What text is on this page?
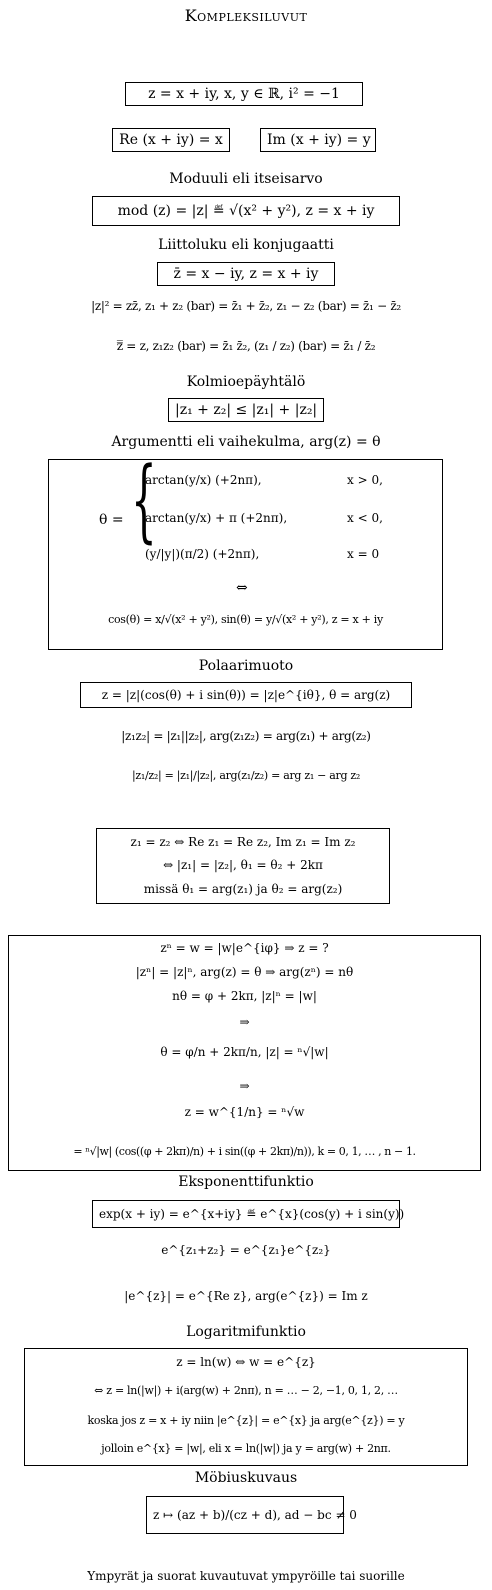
Kompleksiluvut
z = x + iy, x, y ∈ ℝ, i² = −1
Re (x + iy) = x	Im (x + iy) = y
Moduuli eli itseisarvo
mod (z) = |z| ≝ √(x² + y²), z = x + iy
Liittoluku eli konjugaatti
z̄ = x − iy, z = x + iy
|z|² = zz̄, z₁ + z₂ (bar) = z̄₁ + z̄₂, z₁ − z₂ (bar) = z̄₁ − z̄₂
z̿ = z, z₁z₂ (bar) = z̄₁ z̄₂, (z₁ / z₂) (bar) = z̄₁ / z̄₂
Kolmioepäyhtälö
|z₁ + z₂| ≤ |z₁| + |z₂|
Argumentti eli vaihekulma, arg(z) = θ
θ = {
arctan(y/x) (+2nπ),	x > 0,
arctan(y/x) + π (+2nπ),	x < 0,
(y/|y|)(π/2) (+2nπ),	x = 0
⇔
cos(θ) = x/√(x² + y²), sin(θ) = y/√(x² + y²), z = x + iy
Polaarimuoto
z = |z|(cos(θ) + i sin(θ)) = |z|e^{iθ}, θ = arg(z)
|z₁z₂| = |z₁||z₂|, arg(z₁z₂) = arg(z₁) + arg(z₂)
|z₁/z₂| = |z₁|/|z₂|, arg(z₁/z₂) = arg z₁ − arg z₂
z₁ = z₂ ⇔ Re z₁ = Re z₂, Im z₁ = Im z₂
⇔ |z₁| = |z₂|, θ₁ = θ₂ + 2kπ
missä θ₁ = arg(z₁) ja θ₂ = arg(z₂)
zⁿ = w = |w|e^{iφ} ⇒ z = ?
|zⁿ| = |z|ⁿ, arg(z) = θ ⇒ arg(zⁿ) = nθ
nθ = φ + 2kπ, |z|ⁿ = |w|
⇒
θ = φ/n + 2kπ/n, |z| = ⁿ√|w|
⇒
z = w^{1/n} = ⁿ√w
= ⁿ√|w| (cos((φ + 2kπ)/n) + i sin((φ + 2kπ)/n)), k = 0, 1, … , n − 1.
Eksponenttifunktio
exp(x + iy) = e^{x+iy} ≝ e^{x}(cos(y) + i sin(y))
e^{z₁+z₂} = e^{z₁}e^{z₂}
|e^{z}| = e^{Re z}, arg(e^{z}) = Im z
Logaritmifunktio
z = ln(w) ⇔ w = e^{z}
⇔ z = ln(|w|) + i(arg(w) + 2nπ), n = … − 2, −1, 0, 1, 2, …
koska jos z = x + iy niin |e^{z}| = e^{x} ja arg(e^{z}) = y
jolloin e^{x} = |w|, eli x = ln(|w|) ja y = arg(w) + 2nπ.
Möbiuskuvaus
z ↦ (az + b)/(cz + d), ad − bc ≠ 0
Ympyrät ja suorat kuvautuvat ympyröille tai suorille
